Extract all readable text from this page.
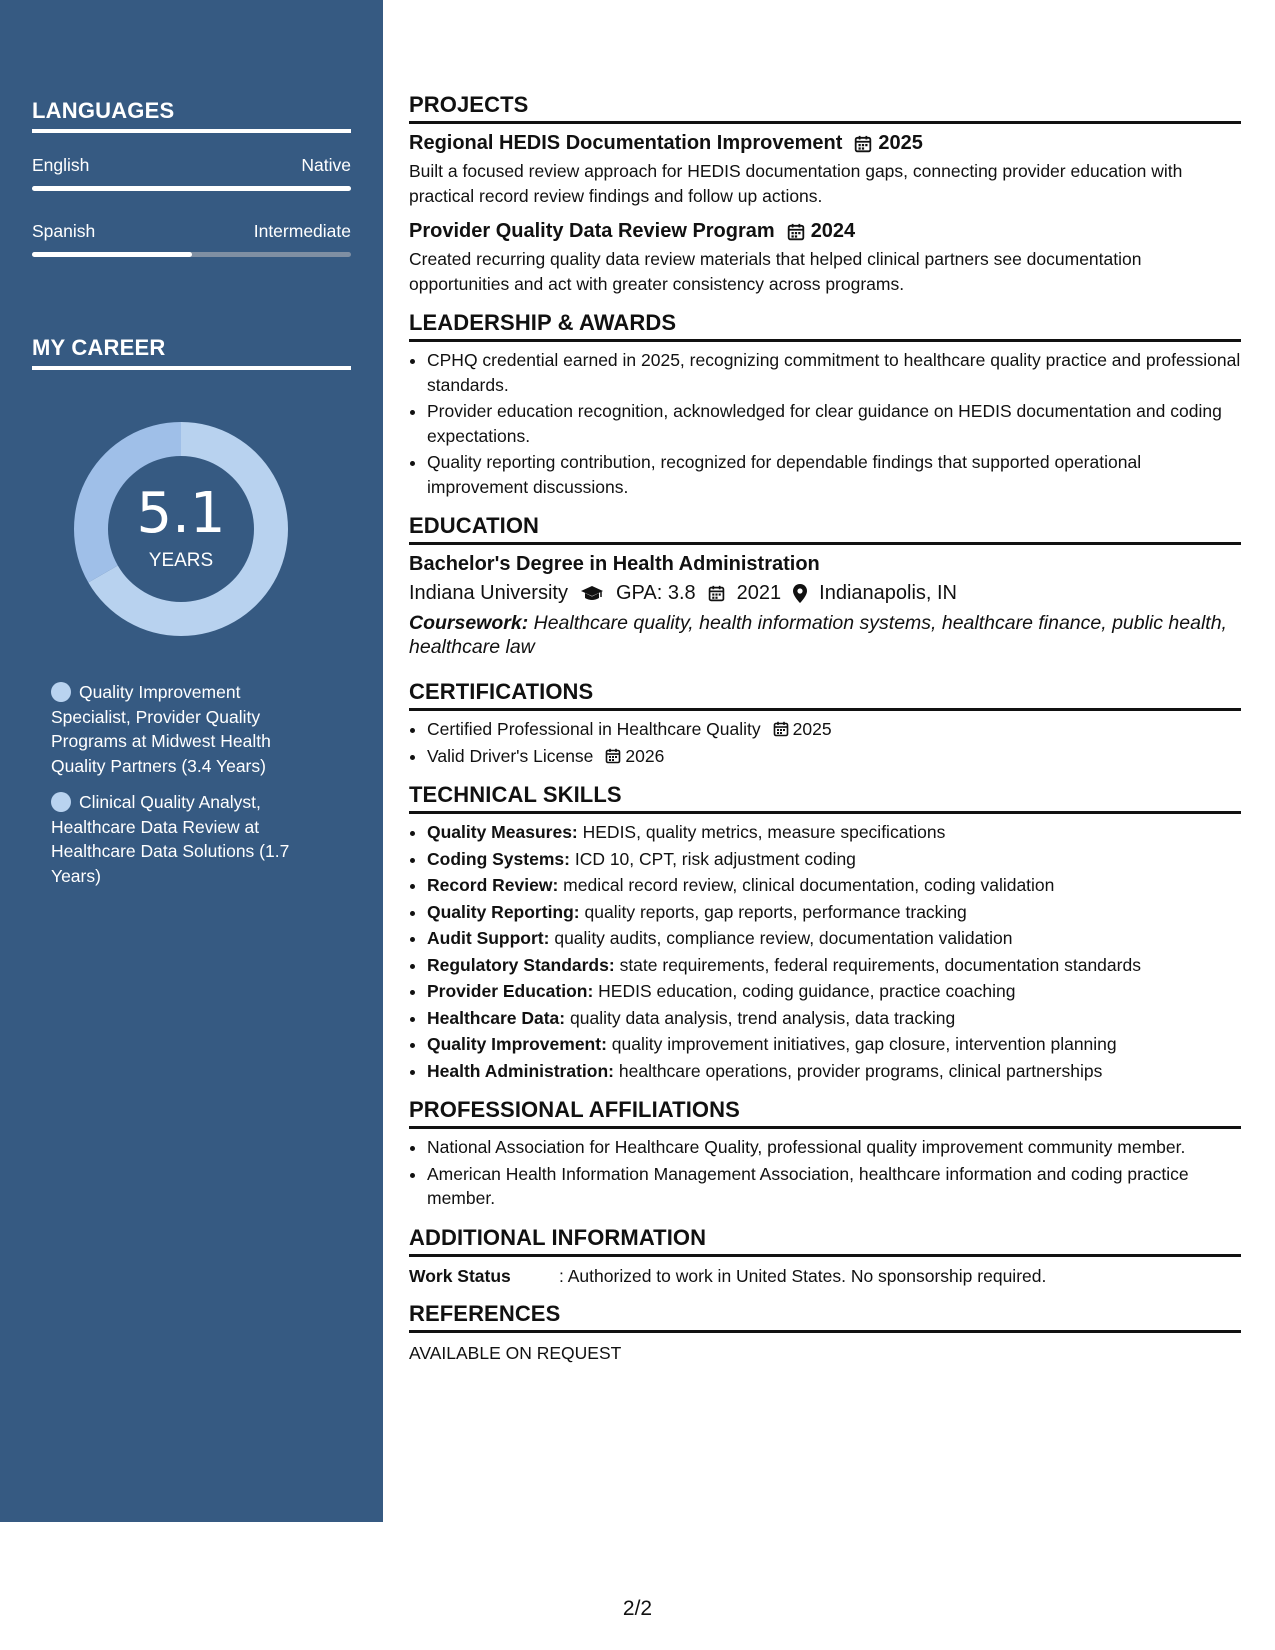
LANGUAGES
English	Native
Spanish	Intermediate
MY CAREER
5.1
YEARS
Quality Improvement Specialist, Provider Quality Programs at Midwest Health Quality Partners (3.4 Years)
Clinical Quality Analyst, Healthcare Data Review at Healthcare Data Solutions (1.7 Years)
PROJECTS
Regional HEDIS Documentation Improvement 2025
Built a focused review approach for HEDIS documentation gaps, connecting provider education with practical record review findings and follow up actions.
Provider Quality Data Review Program 2024
Created recurring quality data review materials that helped clinical partners see documentation opportunities and act with greater consistency across programs.
LEADERSHIP & AWARDS
• CPHQ credential earned in 2025, recognizing commitment to healthcare quality practice and professional standards.
• Provider education recognition, acknowledged for clear guidance on HEDIS documentation and coding expectations.
• Quality reporting contribution, recognized for dependable findings that supported operational improvement discussions.
EDUCATION
Bachelor's Degree in Health Administration
Indiana University GPA: 3.8 2021 Indianapolis, IN
Coursework: Healthcare quality, health information systems, healthcare finance, public health, healthcare law
CERTIFICATIONS
• Certified Professional in Healthcare Quality 2025
• Valid Driver's License 2026
TECHNICAL SKILLS
• Quality Measures: HEDIS, quality metrics, measure specifications
• Coding Systems: ICD 10, CPT, risk adjustment coding
• Record Review: medical record review, clinical documentation, coding validation
• Quality Reporting: quality reports, gap reports, performance tracking
• Audit Support: quality audits, compliance review, documentation validation
• Regulatory Standards: state requirements, federal requirements, documentation standards
• Provider Education: HEDIS education, coding guidance, practice coaching
• Healthcare Data: quality data analysis, trend analysis, data tracking
• Quality Improvement: quality improvement initiatives, gap closure, intervention planning
• Health Administration: healthcare operations, provider programs, clinical partnerships
PROFESSIONAL AFFILIATIONS
• National Association for Healthcare Quality, professional quality improvement community member.
• American Health Information Management Association, healthcare information and coding practice member.
ADDITIONAL INFORMATION
Work Status	: Authorized to work in United States. No sponsorship required.
REFERENCES
AVAILABLE ON REQUEST
2/2
